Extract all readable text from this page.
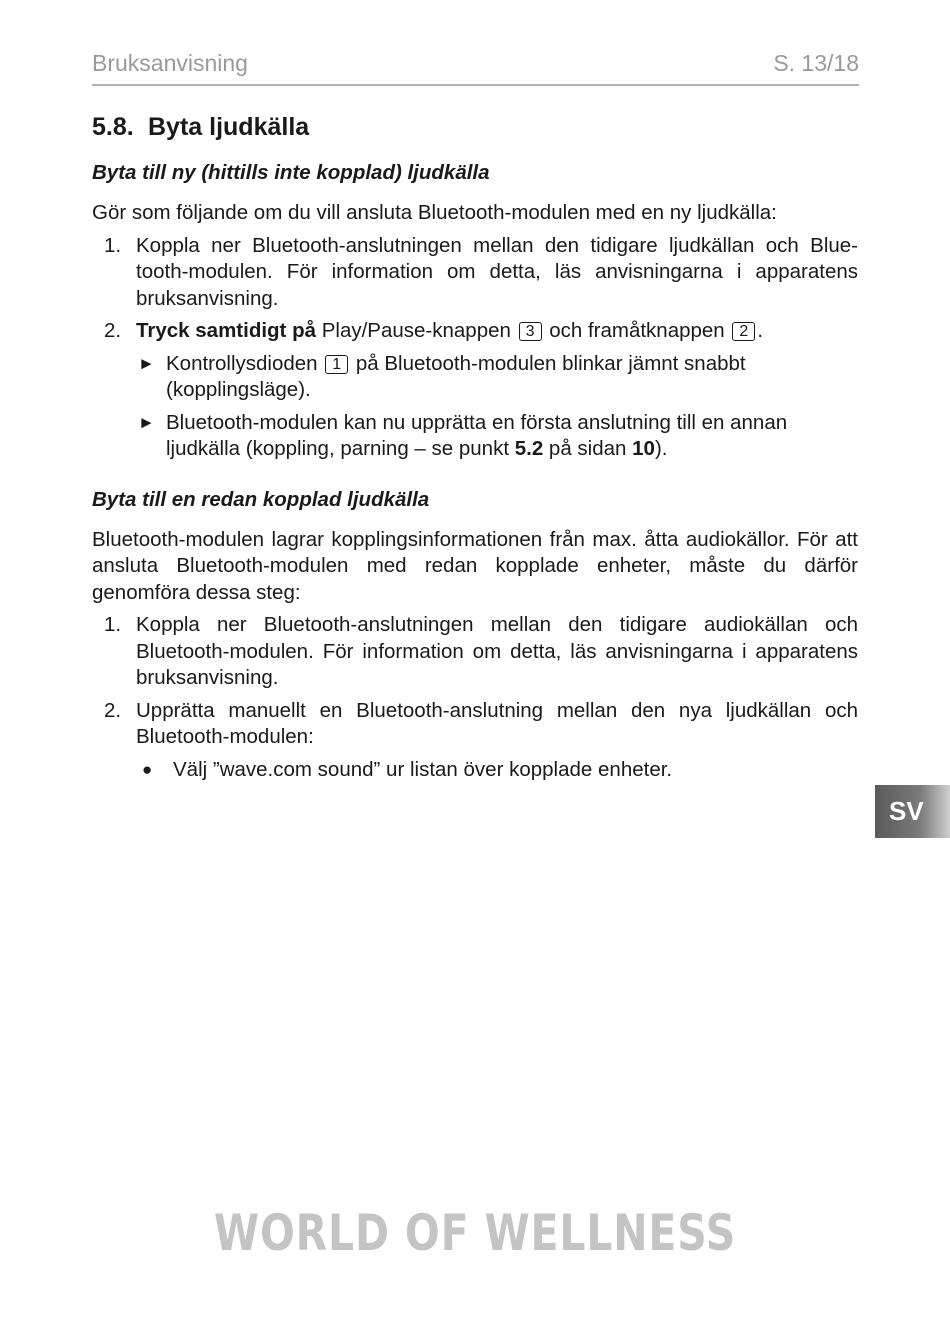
Bruksanvisning	S. 13/18
5.8. Byta ljudkälla
Byta till ny (hittills inte kopplad) ljudkälla

Gör som följande om du vill ansluta Bluetooth-modulen med en ny ljudkälla:

1. Koppla ner Bluetooth-anslutningen mellan den tidigare ljudkällan och Blue-tooth-modulen. För information om detta, läs anvisningarna i apparatens bruksanvisning.
2. Tryck samtidigt på Play/Pause-knappen 3 och framåtknappen 2 .
► Kontrollysdioden 1 på Bluetooth-modulen blinkar jämnt snabbt (kopplingsläge).
► Bluetooth-modulen kan nu upprätta en första anslutning till en annan ljudkälla (koppling, parning – se punkt 5.2 på sidan 10).
Byta till en redan kopplad ljudkälla

Bluetooth-modulen lagrar kopplingsinformationen från max. åtta audiokällor. För att ansluta Bluetooth-modulen med redan kopplade enheter, måste du därför genomföra dessa steg:

1. Koppla ner Bluetooth-anslutningen mellan den tidigare audiokällan och Bluetooth-modulen. För information om detta, läs anvisningarna i apparatens bruksanvisning.
2. Upprätta manuellt en Bluetooth-anslutning mellan den nya ljudkällan och Bluetooth-modulen:
● Välj ”wave.com sound” ur listan över kopplade enheter.
SV
WORLD OF WELLNESS
